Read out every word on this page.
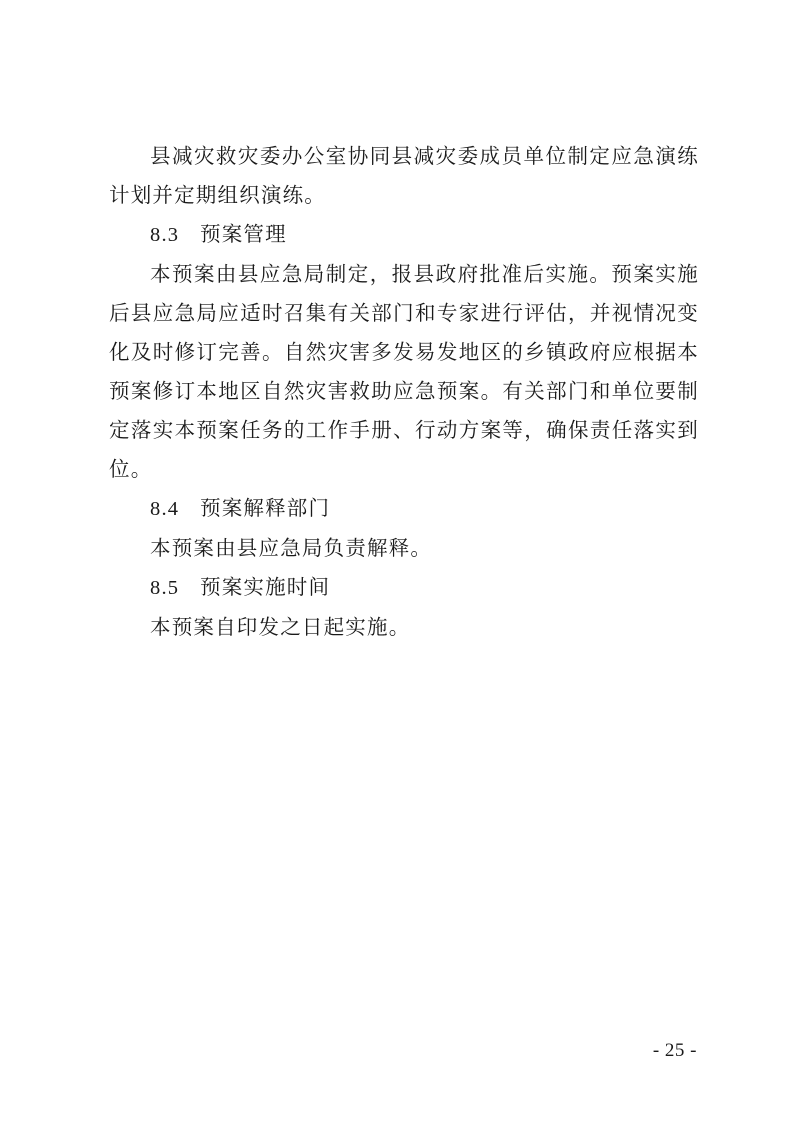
县减灾救灾委办公室协同县减灾委成员单位制定应急演练计划并定期组织演练。

8.3 预案管理

本预案由县应急局制定，报县政府批准后实施。预案实施后县应急局应适时召集有关部门和专家进行评估，并视情况变化及时修订完善。自然灾害多发易发地区的乡镇政府应根据本预案修订本地区自然灾害救助应急预案。有关部门和单位要制定落实本预案任务的工作手册、行动方案等，确保责任落实到位。

8.4 预案解释部门

本预案由县应急局负责解释。

8.5 预案实施时间

本预案自印发之日起实施。

- 25 -
